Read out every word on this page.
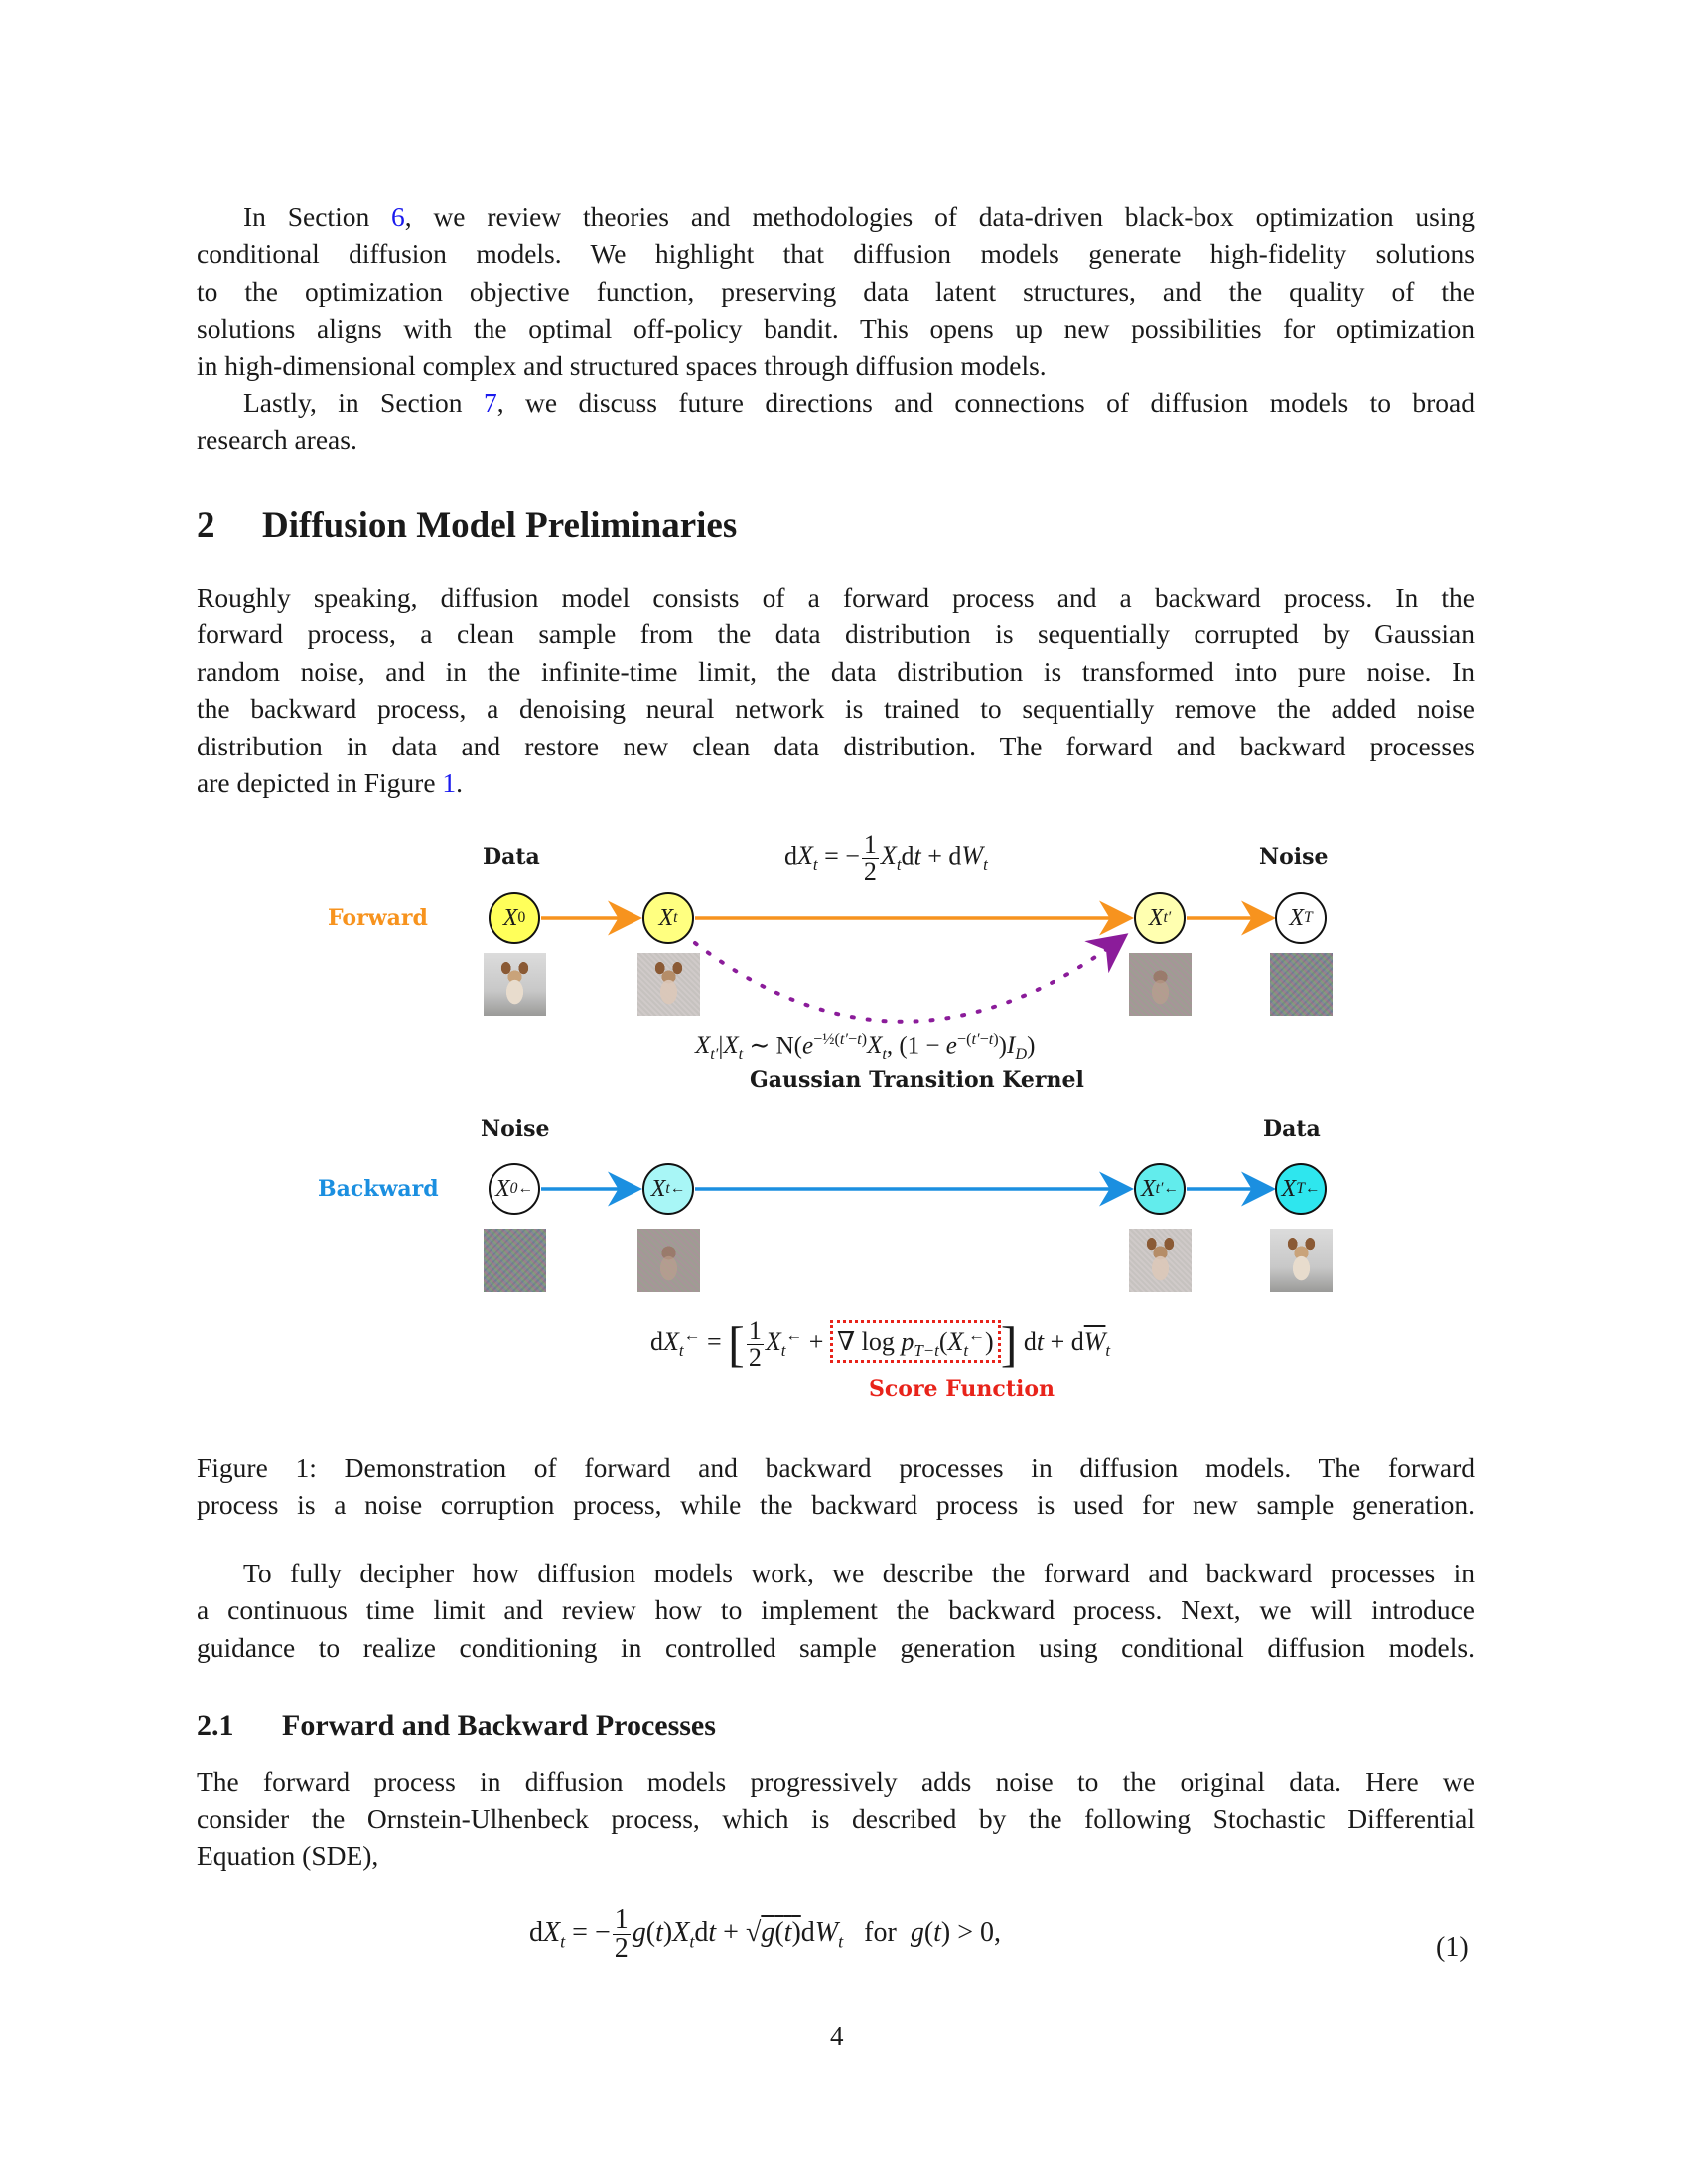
In Section 6, we review theories and methodologies of data-driven black-box optimization using
conditional diffusion models. We highlight that diffusion models generate high-fidelity solutions
to the optimization objective function, preserving data latent structures, and the quality of the
solutions aligns with the optimal off-policy bandit. This opens up new possibilities for optimization
in high-dimensional complex and structured spaces through diffusion models.
Lastly, in Section 7, we discuss future directions and connections of diffusion models to broad
research areas.
2 Diffusion Model Preliminaries
Roughly speaking, diffusion model consists of a forward process and a backward process. In the
forward process, a clean sample from the data distribution is sequentially corrupted by Gaussian
random noise, and in the infinite-time limit, the data distribution is transformed into pure noise. In
the backward process, a denoising neural network is trained to sequentially remove the added noise
distribution in data and restore new clean data distribution. The forward and backward processes
are depicted in Figure 1.
Data	Noise
$dX_t$ = − $\frac{1}{2} X_tdt + dW_t$
Forward	X 0	X t	X t′	X T
$X_{t'}|X_t$ ∼ $N(e^{-\frac{1}{2}(t'-t)}X_t$, $(1 - e^{-(t'-t)})I_D$)
Gaussian Transition Kernel
Noise	Data
Backward X 0 ←	X t ←	X t′ ←	X T ←
$dX_t^\leftarrow$ = [ $\frac{1}{2} X_t^\leftarrow$ + ∇ $\log p_{T-t}(X_t^\leftarrow)$ ] dt + $d\overline{W}_t$
Score Function
Figure 1: Demonstration of forward and backward processes in diffusion models. The forward
process is a noise corruption process, while the backward process is used for new sample generation.
To fully decipher how diffusion models work, we describe the forward and backward processes in
a continuous time limit and review how to implement the backward process. Next, we will introduce
guidance to realize conditioning in controlled sample generation using conditional diffusion models.
2.1 Forward and Backward Processes
The forward process in diffusion models progressively adds noise to the original data. Here we
consider the Ornstein-Ulhenbeck process, which is described by the following Stochastic Differential
Equation (SDE),
$dX_t$ = − $\frac{1}{2} g(t)X_tdt + √g(t)dW_t$   for  g(t) > 0,	(1)
4
